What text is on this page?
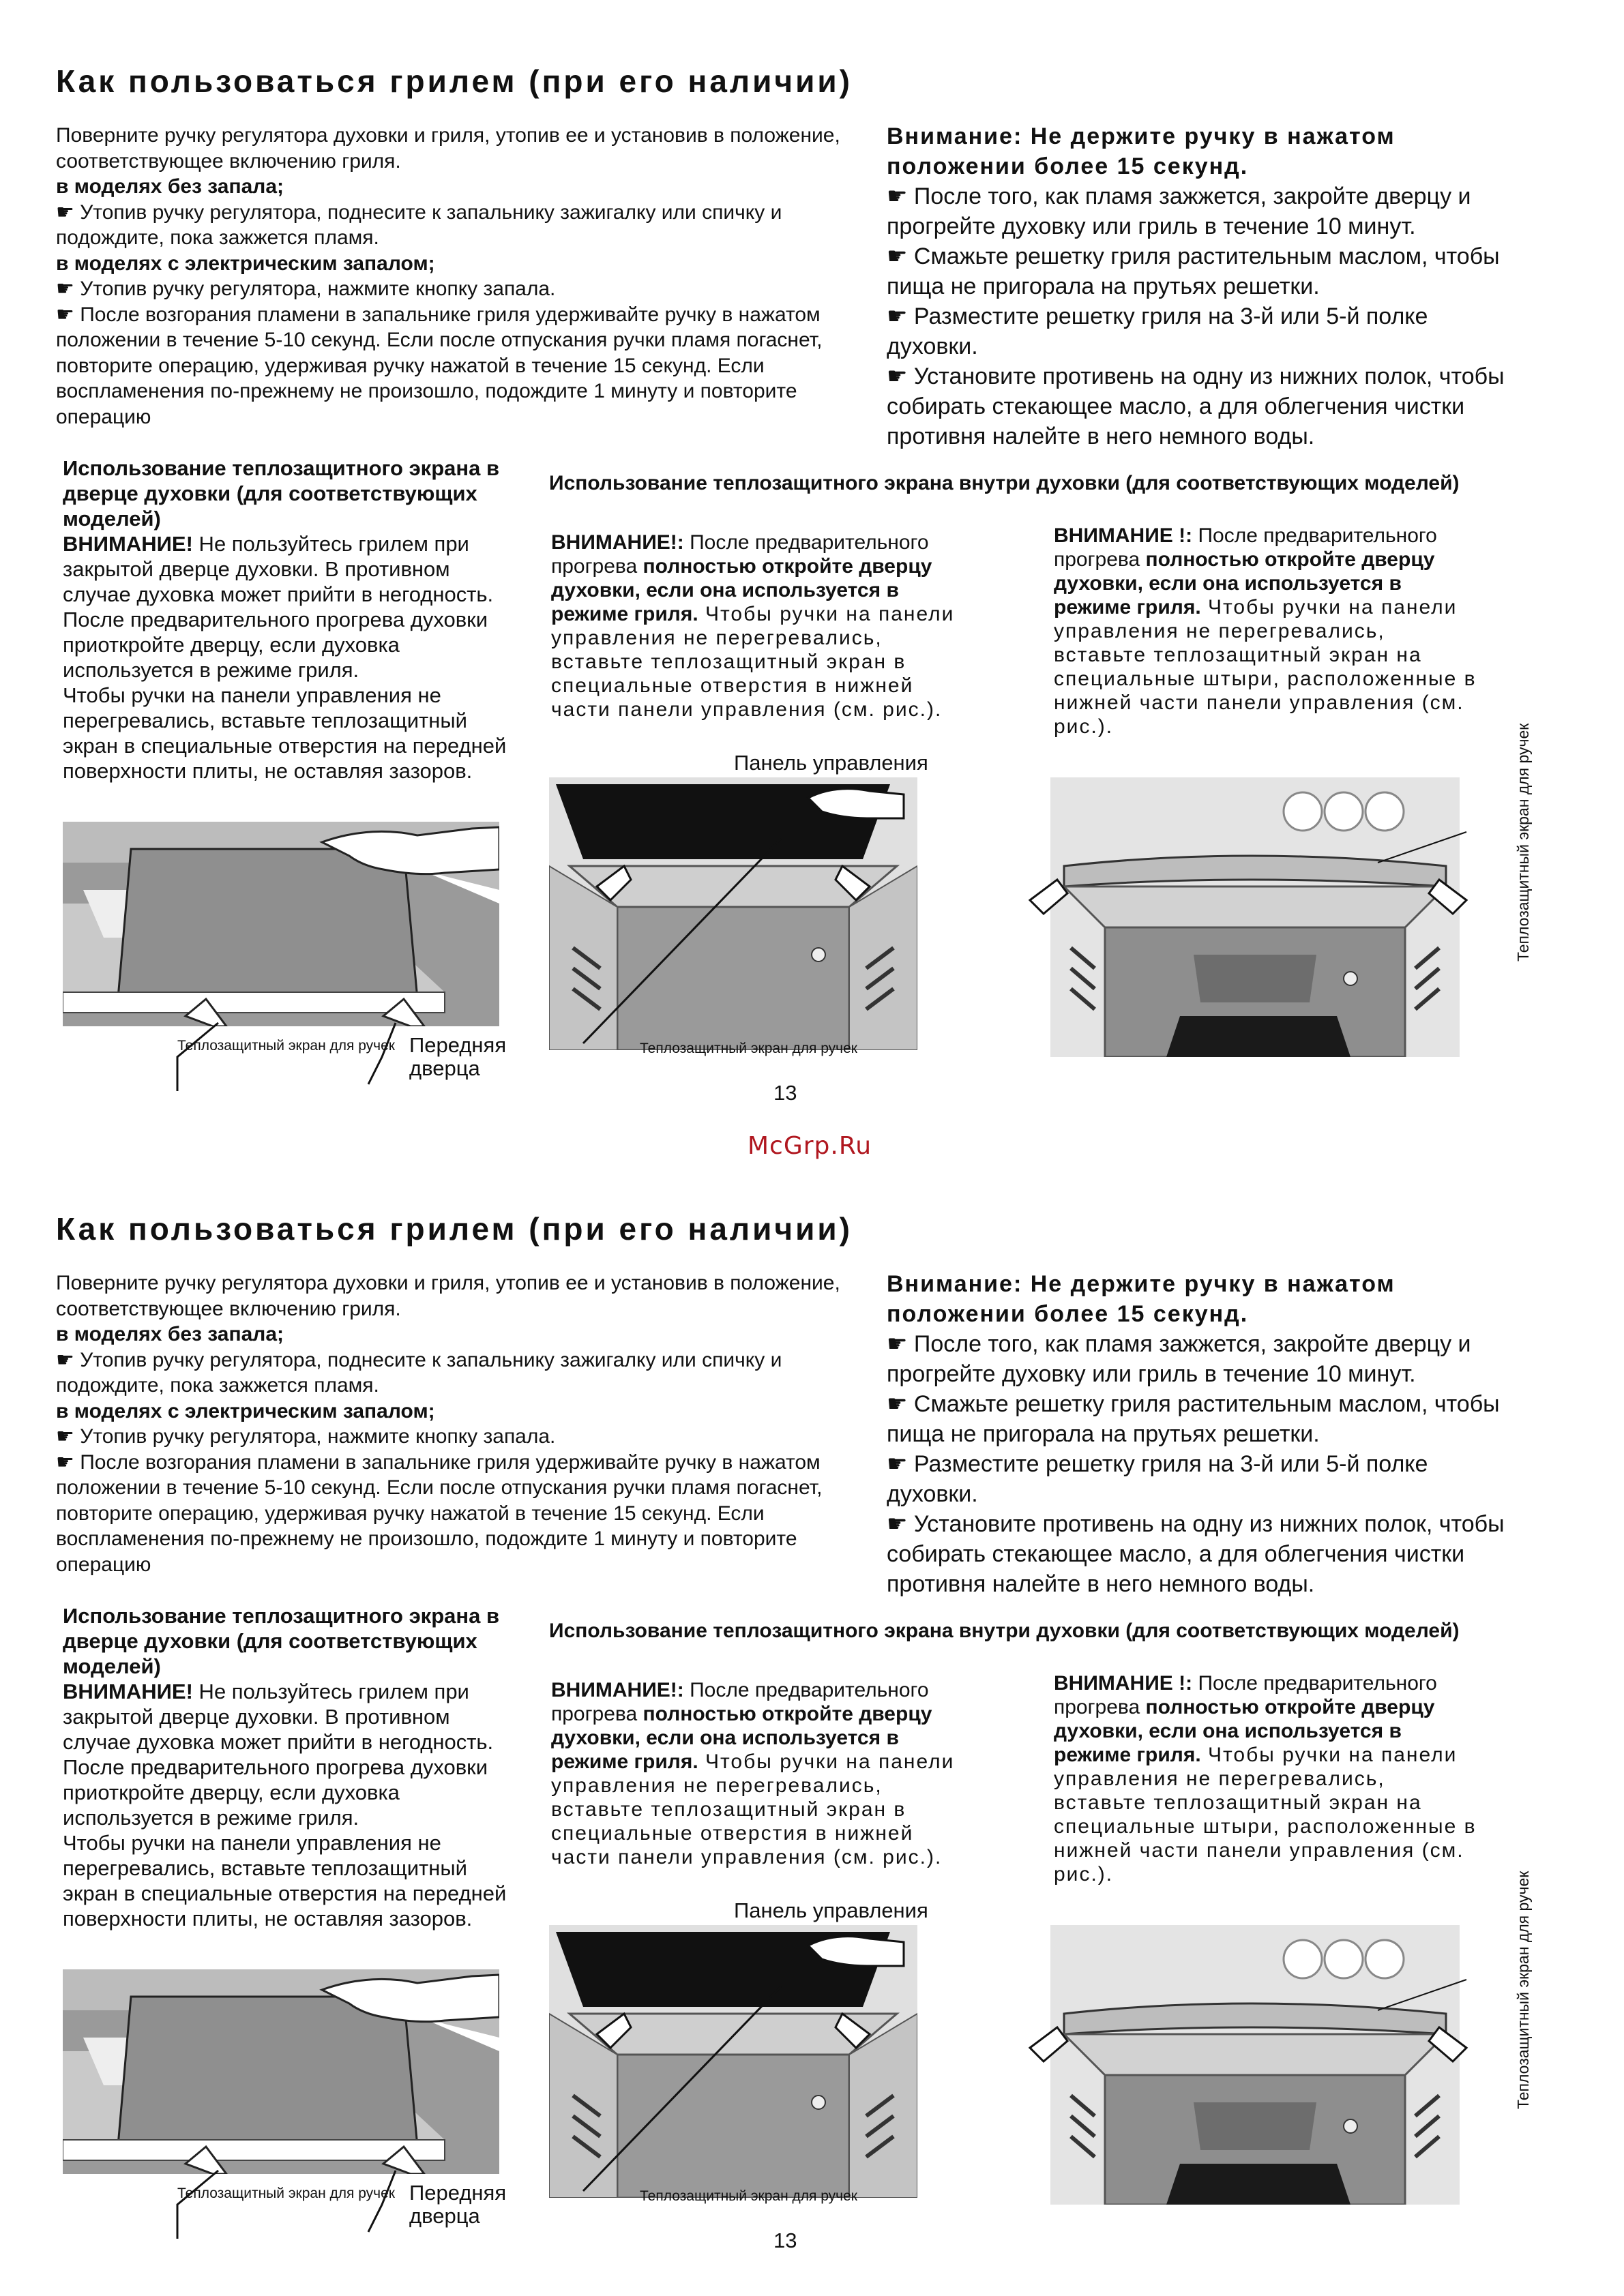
Как пользоваться грилем (при его наличии)

Поверните ручку регулятора духовки и гриля, утопив ее и установив в положение, соответствующее включению гриля.

в моделях без запала;

☛ Утопив ручку регулятора, поднесите к запальнику зажигалку или спичку и подождите, пока зажжется пламя.

в моделях с электрическим запалом;

☛ Утопив ручку регулятора, нажмите кнопку запала.

☛ После возгорания пламени в запальнике гриля удерживайте ручку в нажатом положении в течение 5-10 секунд. Если после отпускания ручки пламя погаснет, повторите операцию, удерживая ручку нажатой в течение 15 секунд. Если воспламенения по-прежнему не произошло, подождите 1 минуту и повторите операцию

Внимание: Не держите ручку в нажатом положении более 15 секунд.

☛ После того, как пламя зажжется, закройте дверцу и прогрейте духовку или гриль в течение 10 минут.

☛ Смажьте решетку гриля растительным маслом, чтобы пища не пригорала на прутьях решетки.

☛ Разместите решетку гриля на 3-й или 5-й полке духовки.

☛ Установите противень на одну из нижних полок, чтобы собирать стекающее масло, а для облегчения чистки противня налейте в него немного воды.

Использование теплозащитного экрана в дверце духовки (для соответствующих моделей)
ВНИМАНИЕ! Не пользуйтесь грилем при закрытой дверце духовки. В противном случае духовка может прийти в негодность. После предварительного прогрева духовки приоткройте дверцу, если духовка используется в режиме гриля.
Чтобы ручки на панели управления не перегревались, вставьте теплозащитный экран в специальные отверстия на передней поверхности плиты, не оставляя зазоров.
Использование теплозащитного экрана внутри духовки (для соответствующих моделей)
ВНИМАНИЕ!: После предварительного прогрева полностью откройте дверцу духовки, если она используется в режиме гриля. Чтобы ручки на панели управления не перегревались, вставьте теплозащитный экран в специальные отверстия в нижней части панели управления (см. рис.).
ВНИМАНИЕ !: После предварительного прогрева полностью откройте дверцу духовки, если она используется в режиме гриля. Чтобы ручки на панели управления не перегревались, вставьте теплозащитный экран на специальные штыри, расположенные в нижней части панели управления (см. рис.).
Теплозащитный экран для ручек Передняя дверца
Панель управления
Теплозащитный экран для ручек
13
Теплозащитный экран для ручек
McGrp.Ru
Как пользоваться грилем (при его наличии)

Поверните ручку регулятора духовки и гриля, утопив ее и установив в положение, соответствующее включению гриля.

в моделях без запала;

☛ Утопив ручку регулятора, поднесите к запальнику зажигалку или спичку и подождите, пока зажжется пламя.

в моделях с электрическим запалом;

☛ Утопив ручку регулятора, нажмите кнопку запала.

☛ После возгорания пламени в запальнике гриля удерживайте ручку в нажатом положении в течение 5-10 секунд. Если после отпускания ручки пламя погаснет, повторите операцию, удерживая ручку нажатой в течение 15 секунд. Если воспламенения по-прежнему не произошло, подождите 1 минуту и повторите операцию

Внимание: Не держите ручку в нажатом положении более 15 секунд.

☛ После того, как пламя зажжется, закройте дверцу и прогрейте духовку или гриль в течение 10 минут.

☛ Смажьте решетку гриля растительным маслом, чтобы пища не пригорала на прутьях решетки.

☛ Разместите решетку гриля на 3-й или 5-й полке духовки.

☛ Установите противень на одну из нижних полок, чтобы собирать стекающее масло, а для облегчения чистки противня налейте в него немного воды.

Использование теплозащитного экрана в дверце духовки (для соответствующих моделей)
ВНИМАНИЕ! Не пользуйтесь грилем при закрытой дверце духовки. В противном случае духовка может прийти в негодность. После предварительного прогрева духовки приоткройте дверцу, если духовка используется в режиме гриля.
Чтобы ручки на панели управления не перегревались, вставьте теплозащитный экран в специальные отверстия на передней поверхности плиты, не оставляя зазоров.
Использование теплозащитного экрана внутри духовки (для соответствующих моделей)
ВНИМАНИЕ!: После предварительного прогрева полностью откройте дверцу духовки, если она используется в режиме гриля. Чтобы ручки на панели управления не перегревались, вставьте теплозащитный экран в специальные отверстия в нижней части панели управления (см. рис.).
ВНИМАНИЕ !: После предварительного прогрева полностью откройте дверцу духовки, если она используется в режиме гриля. Чтобы ручки на панели управления не перегревались, вставьте теплозащитный экран на специальные штыри, расположенные в нижней части панели управления (см. рис.).
Теплозащитный экран для ручек Передняя дверца
Панель управления
Теплозащитный экран для ручек
13
Теплозащитный экран для ручек
